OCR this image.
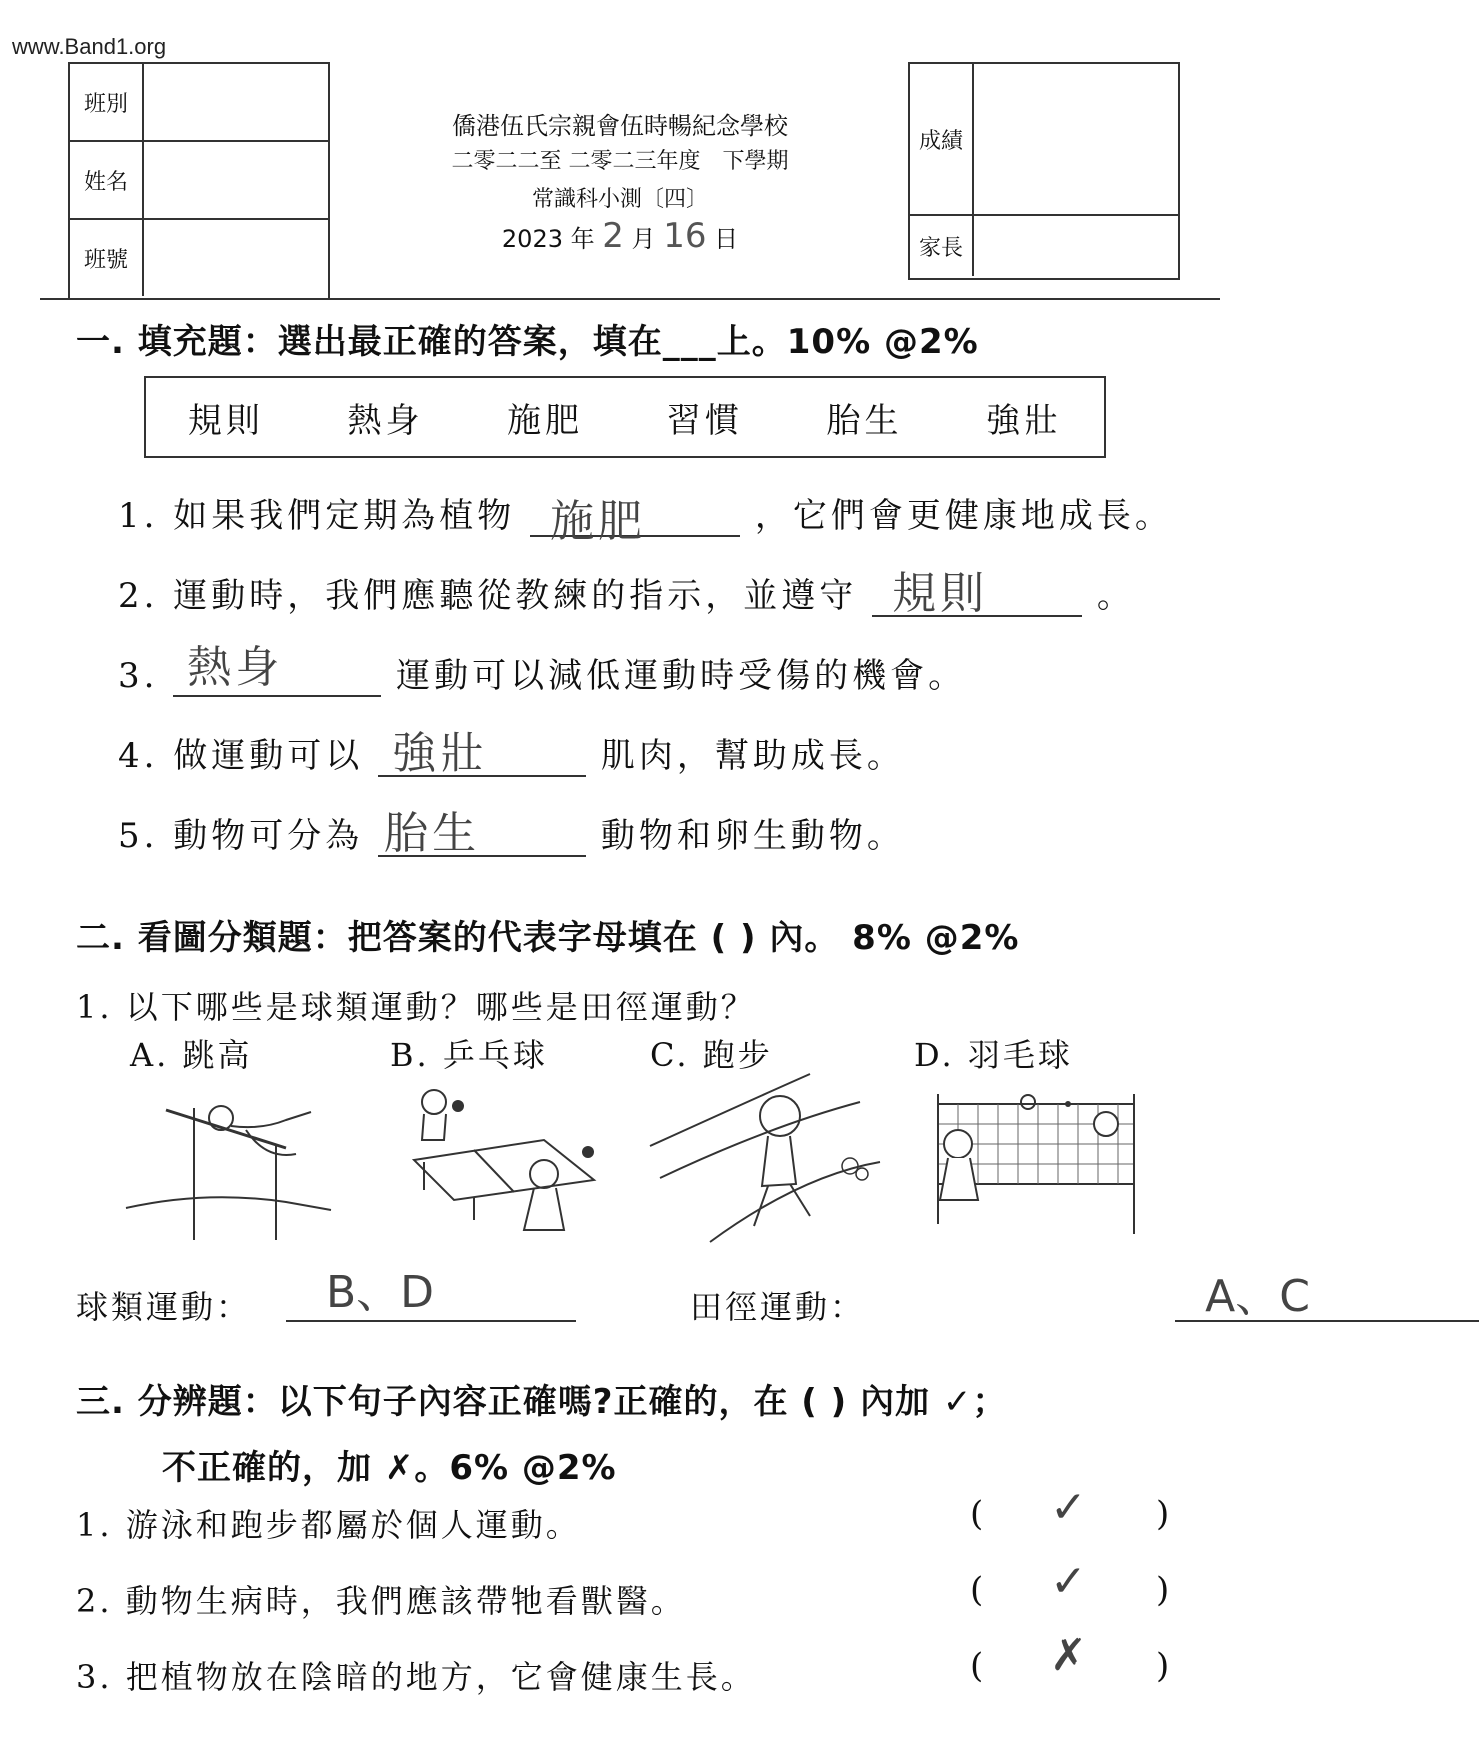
www.Band1.org
班別
姓名
班號
成績
家長
僑港伍氏宗親會伍時暢紀念學校
二零二二至 二零二三年度　下學期
常識科小測〔四〕
2023 年 2 月 16 日
一. 填充題：選出最正確的答案，填在___上。10% @2%
規則 熱身 施肥 習慣 胎生 強壯
1. 如果我們定期為植物 施肥	，它們會更健康地成長。
2. 運動時，我們應聽從教練的指示，並遵守 規則	。
3. 熱身	運動可以減低運動時受傷的機會。
4. 做運動可以 強壯	肌肉，幫助成長。
5. 動物可分為 胎生	動物和卵生動物。
二. 看圖分類題：把答案的代表字母填在 ( ) 內。 8% @2%
1. 以下哪些是球類運動？哪些是田徑運動？
A. 跳高	B. 乒乓球	C. 跑步	D. 羽毛球
球類運動： B、D
	田徑運動：	A、C
三. 分辨題：以下句子內容正確嗎?正確的，在 ( ) 內加 ✓；
不正確的，加 ✗。6% @2%
1. 游泳和跑步都屬於個人運動。	( ✓ )
2. 動物生病時，我們應該帶牠看獸醫。	( ✓ )
3. 把植物放在陰暗的地方，它會健康生長。	( ✗ )
